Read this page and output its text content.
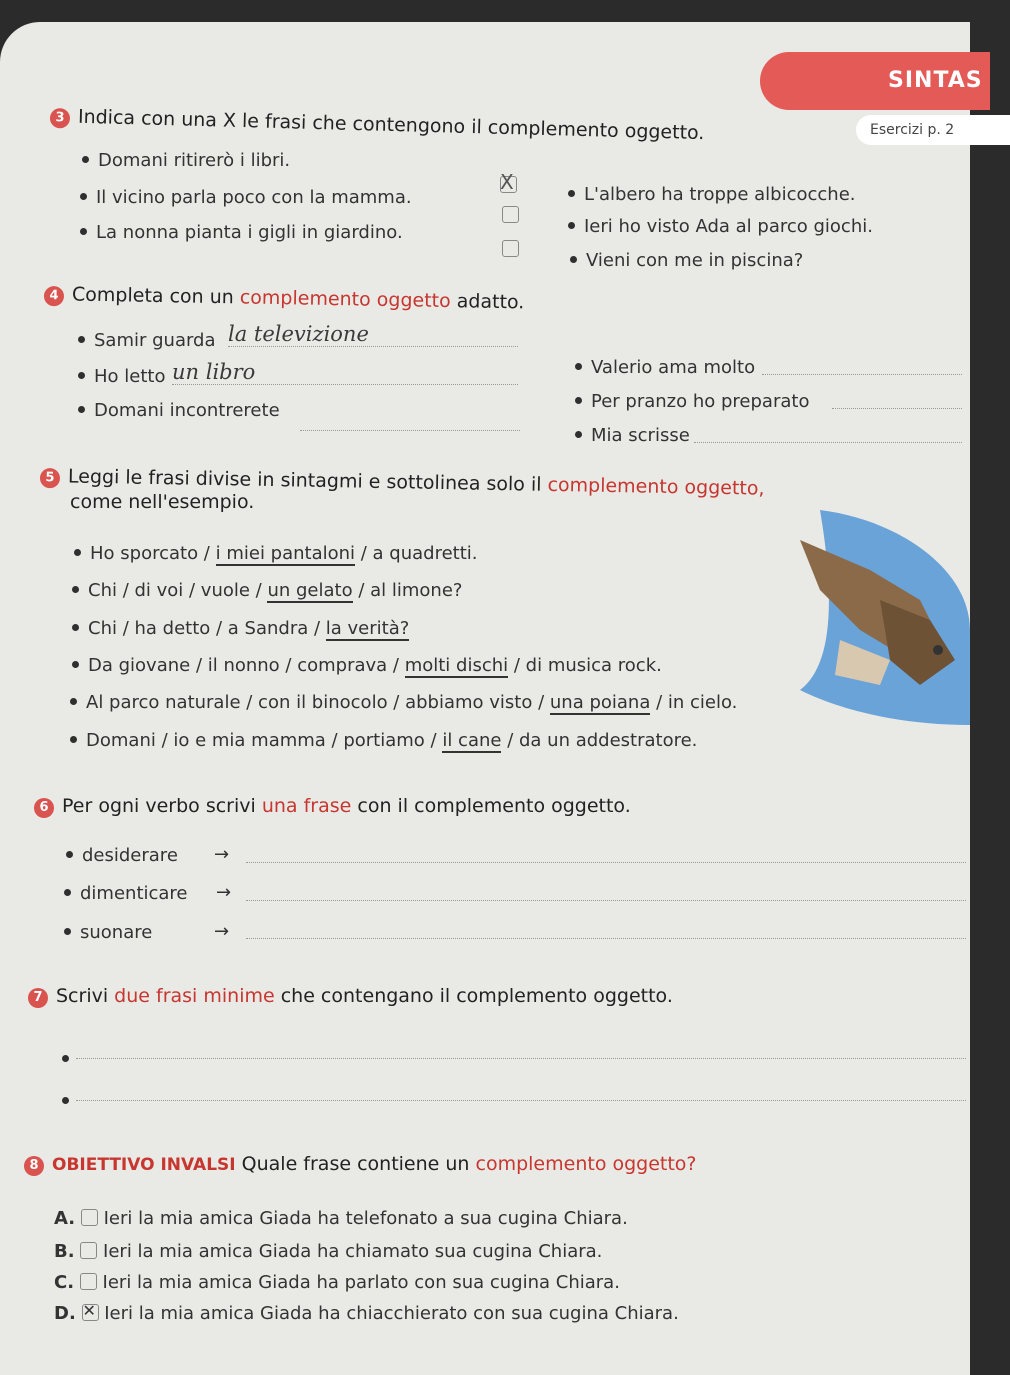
SINTAS
Esercizi p. 2
3 Indica con una X le frasi che contengono il complemento oggetto.
Domani ritirerò i libri.
Il vicino parla poco con la mamma.
La nonna pianta i gigli in giardino.
X
L'albero ha troppe albicocche.
Ieri ho visto Ada al parco giochi.
Vieni con me in piscina?
4 Completa con un complemento oggetto adatto.
Samir guarda la televizione
Ho letto un libro
Domani incontrerete
Valerio ama molto
Per pranzo ho preparato
Mia scrisse
5 Leggi le frasi divise in sintagmi e sottolinea solo il complemento oggetto,
come nell'esempio.
Ho sporcato / i miei pantaloni / a quadretti.
Chi / di voi / vuole / un gelato / al limone?
Chi / ha detto / a Sandra / la verità?
Da giovane / il nonno / comprava / molti dischi / di musica rock.
Al parco naturale / con il binocolo / abbiamo visto / una poiana / in cielo.
Domani / io e mia mamma / portiamo / il cane / da un addestratore.
6 Per ogni verbo scrivi una frase con il complemento oggetto.
desiderare →
dimenticare →
suonare	→
7 Scrivi due frasi minime che contengano il complemento oggetto.
8 OBIETTIVO INVALSI Quale frase contiene un complemento oggetto?
A. Ieri la mia amica Giada ha telefonato a sua cugina Chiara.
B. Ieri la mia amica Giada ha chiamato sua cugina Chiara.
C. Ieri la mia amica Giada ha parlato con sua cugina Chiara.
D. ✕ Ieri la mia amica Giada ha chiacchierato con sua cugina Chiara.
